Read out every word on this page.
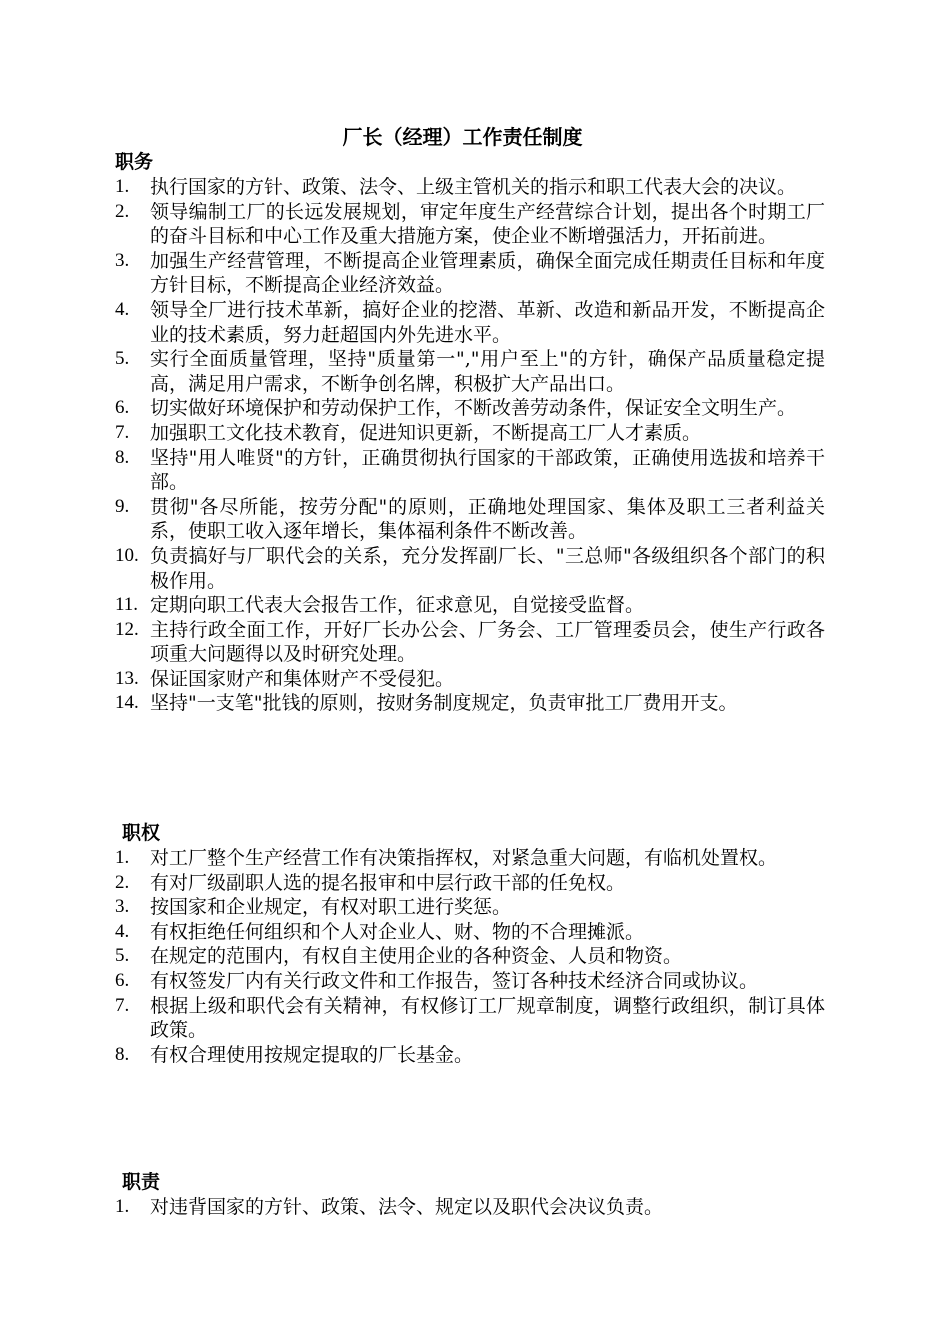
厂长（经理）工作责任制度
职务
1. 执行国家的方针、政策、法令、上级主管机关的指示和职工代表大会的决议。
2. 领导编制工厂的长远发展规划，审定年度生产经营综合计划，提出各个时期工厂的奋斗目标和中心工作及重大措施方案，使企业不断增强活力，开拓前进。
3. 加强生产经营管理，不断提高企业管理素质，确保全面完成任期责任目标和年度方针目标，不断提高企业经济效益。
4. 领导全厂进行技术革新，搞好企业的挖潜、革新、改造和新品开发，不断提高企业的技术素质，努力赶超国内外先进水平。
5. 实行全面质量管理，坚持"质量第一","用户至上"的方针，确保产品质量稳定提高，满足用户需求，不断争创名牌，积极扩大产品出口。
6. 切实做好环境保护和劳动保护工作，不断改善劳动条件，保证安全文明生产。
7. 加强职工文化技术教育，促进知识更新，不断提高工厂人才素质。
8. 坚持"用人唯贤"的方针，正确贯彻执行国家的干部政策，正确使用选拔和培养干部。
9. 贯彻"各尽所能，按劳分配"的原则，正确地处理国家、集体及职工三者利益关系，使职工收入逐年增长，集体福利条件不断改善。
10. 负责搞好与厂职代会的关系，充分发挥副厂长、"三总师"各级组织各个部门的积极作用。
11. 定期向职工代表大会报告工作，征求意见，自觉接受监督。
12. 主持行政全面工作，开好厂长办公会、厂务会、工厂管理委员会，使生产行政各项重大问题得以及时研究处理。
13. 保证国家财产和集体财产不受侵犯。
14. 坚持"一支笔"批钱的原则，按财务制度规定，负责审批工厂费用开支。
职权
1. 对工厂整个生产经营工作有决策指挥权，对紧急重大问题，有临机处置权。
2. 有对厂级副职人选的提名报审和中层行政干部的任免权。
3. 按国家和企业规定，有权对职工进行奖惩。
4. 有权拒绝任何组织和个人对企业人、财、物的不合理摊派。
5. 在规定的范围内，有权自主使用企业的各种资金、人员和物资。
6. 有权签发厂内有关行政文件和工作报告，签订各种技术经济合同或协议。
7. 根据上级和职代会有关精神，有权修订工厂规章制度，调整行政组织，制订具体政策。
8. 有权合理使用按规定提取的厂长基金。
职责
1. 对违背国家的方针、政策、法令、规定以及职代会决议负责。
